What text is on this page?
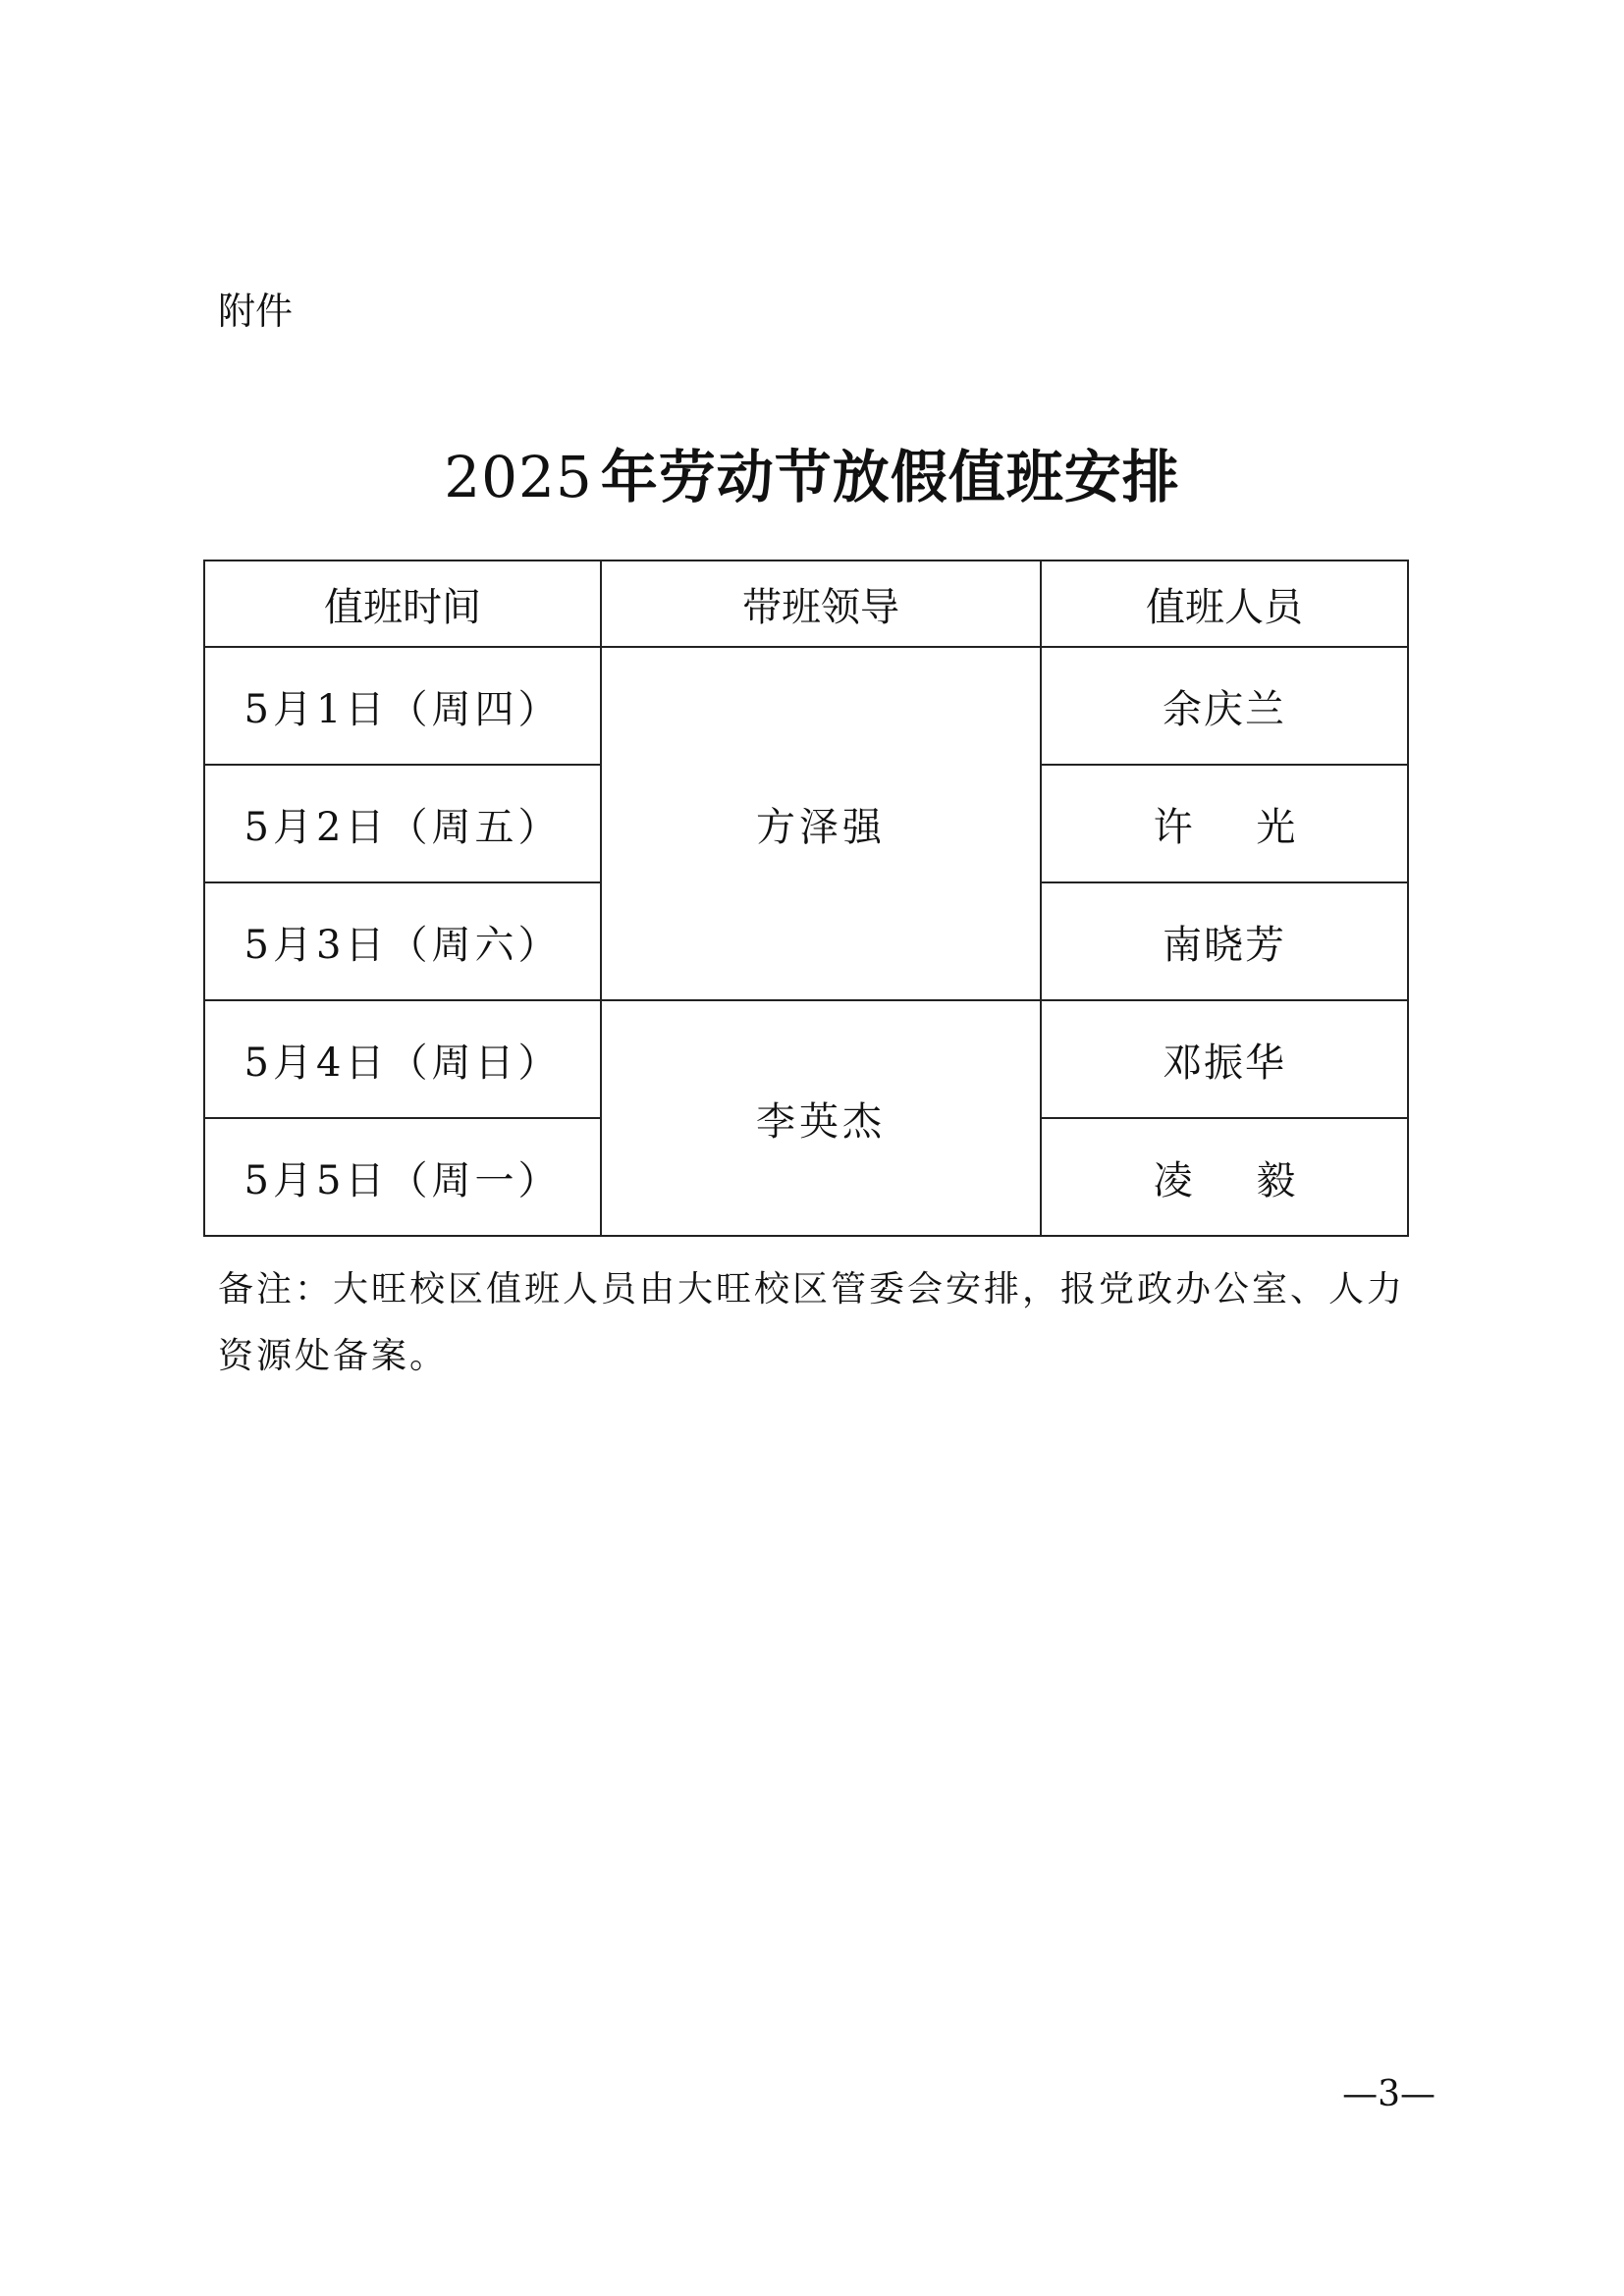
附件
2025 年劳动节放假值班安排
值班时间	带班领导	值班人员
5月1日（周四）	方泽强	余庆兰
5月2日（周五）		许 光
5月3日（周六）		南晓芳
5月4日（周日）	李英杰	邓振华
5月5日（周一）		凌 毅
备注：大旺校区值班人员由大旺校区管委会安排，报党政办公室、人力资源处备案。
—3—
